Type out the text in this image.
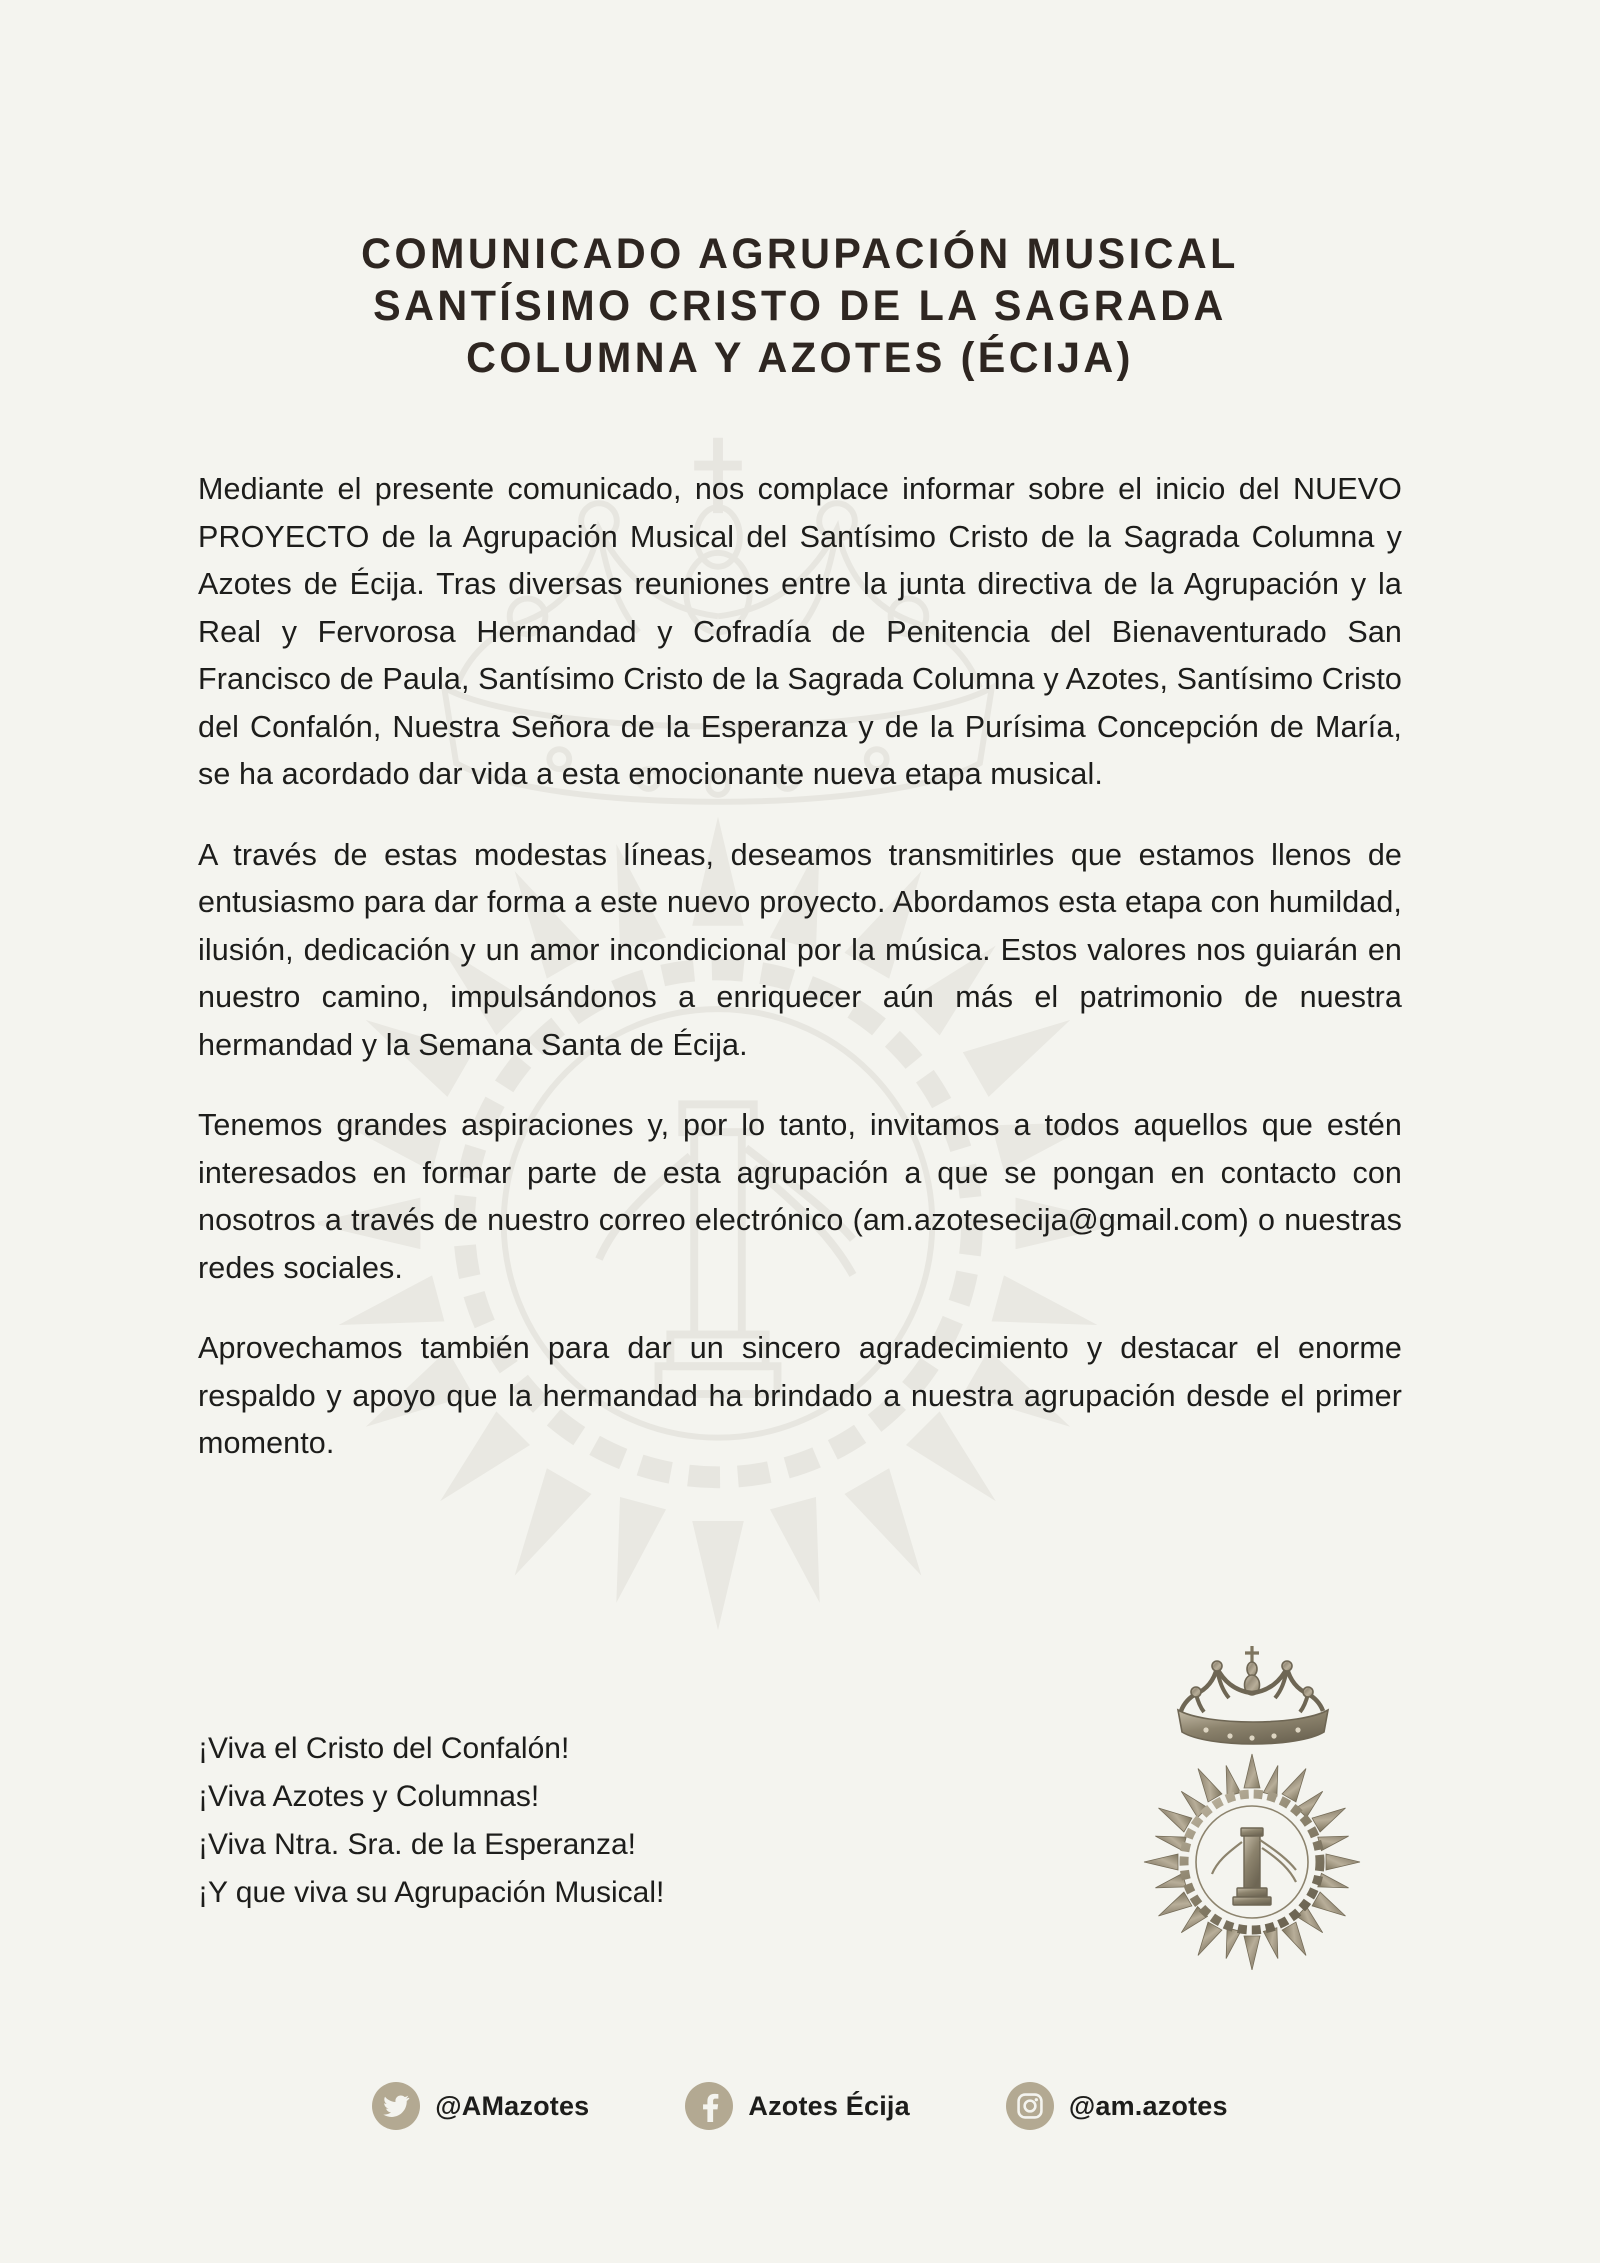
COMUNICADO AGRUPACIÓN MUSICAL
SANTÍSIMO CRISTO DE LA SAGRADA
COLUMNA Y AZOTES (ÉCIJA)

Mediante el presente comunicado, nos complace informar sobre el inicio del NUEVO PROYECTO de la Agrupación Musical del Santísimo Cristo de la Sagrada Columna y Azotes de Écija. Tras diversas reuniones entre la junta directiva de la Agrupación y la Real y Fervorosa Hermandad y Cofradía de Penitencia del Bienaventurado San Francisco de Paula, Santísimo Cristo de la Sagrada Columna y Azotes, Santísimo Cristo del Confalón, Nuestra Señora de la Esperanza y de la Purísima Concepción de María, se ha acordado dar vida a esta emocionante nueva etapa musical.

A través de estas modestas líneas, deseamos transmitirles que estamos llenos de entusiasmo para dar forma a este nuevo proyecto. Abordamos esta etapa con humildad, ilusión, dedicación y un amor incondicional por la música. Estos valores nos guiarán en nuestro camino, impulsándonos a enriquecer aún más el patrimonio de nuestra hermandad y la Semana Santa de Écija.

Tenemos grandes aspiraciones y, por lo tanto, invitamos a todos aquellos que estén interesados en formar parte de esta agrupación a que se pongan en contacto con nosotros a través de nuestro correo electrónico (am.azotesecija@gmail.com) o nuestras redes sociales.

Aprovechamos también para dar un sincero agradecimiento y destacar el enorme respaldo y apoyo que la hermandad ha brindado a nuestra agrupación desde el primer momento.

¡Viva el Cristo del Confalón!
¡Viva Azotes y Columnas!
¡Viva Ntra. Sra. de la Esperanza!
¡Y que viva su Agrupación Musical!
@AMazotes	Azotes Écija	@am.azotes
